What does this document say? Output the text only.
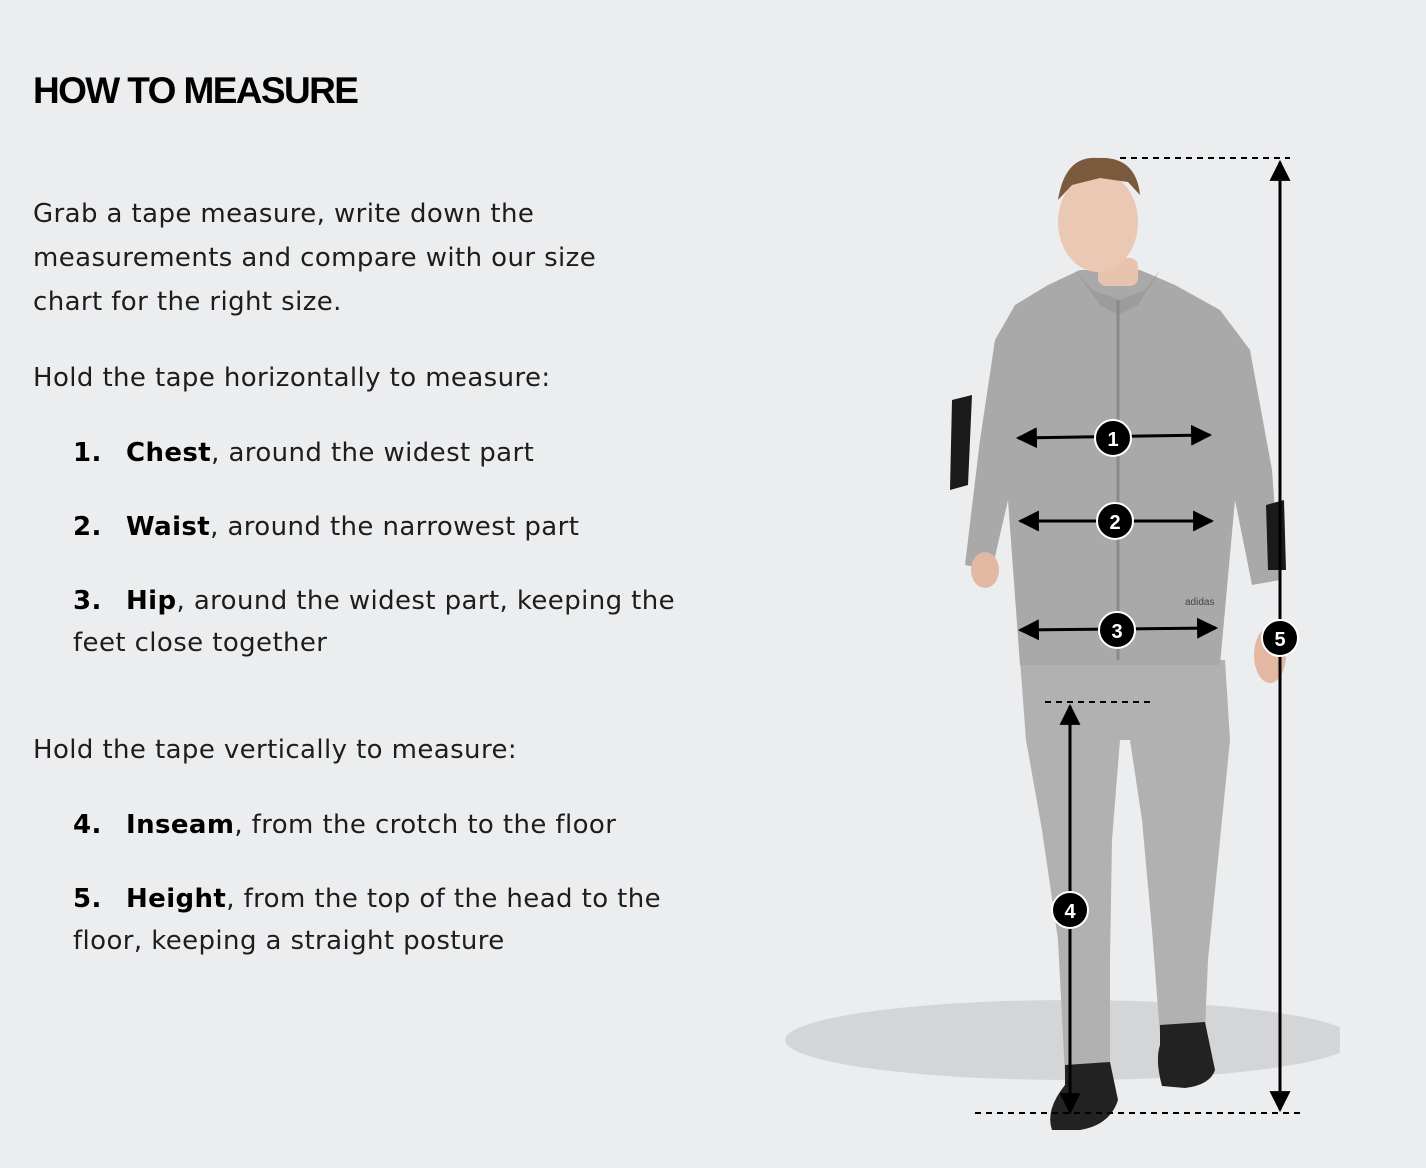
HOW TO MEASURE

Grab a tape measure, write down the measurements and compare with our size chart for the right size.

Hold the tape horizontally to measure:

1. Chest, around the widest part
2. Waist, around the narrowest part
3. Hip, around the widest part, keeping the feet close together

Hold the tape vertically to measure:

4. Inseam, from the crotch to the floor
5. Height, from the top of the head to the floor, keeping a straight posture
adidas
1
2
3
4
5
